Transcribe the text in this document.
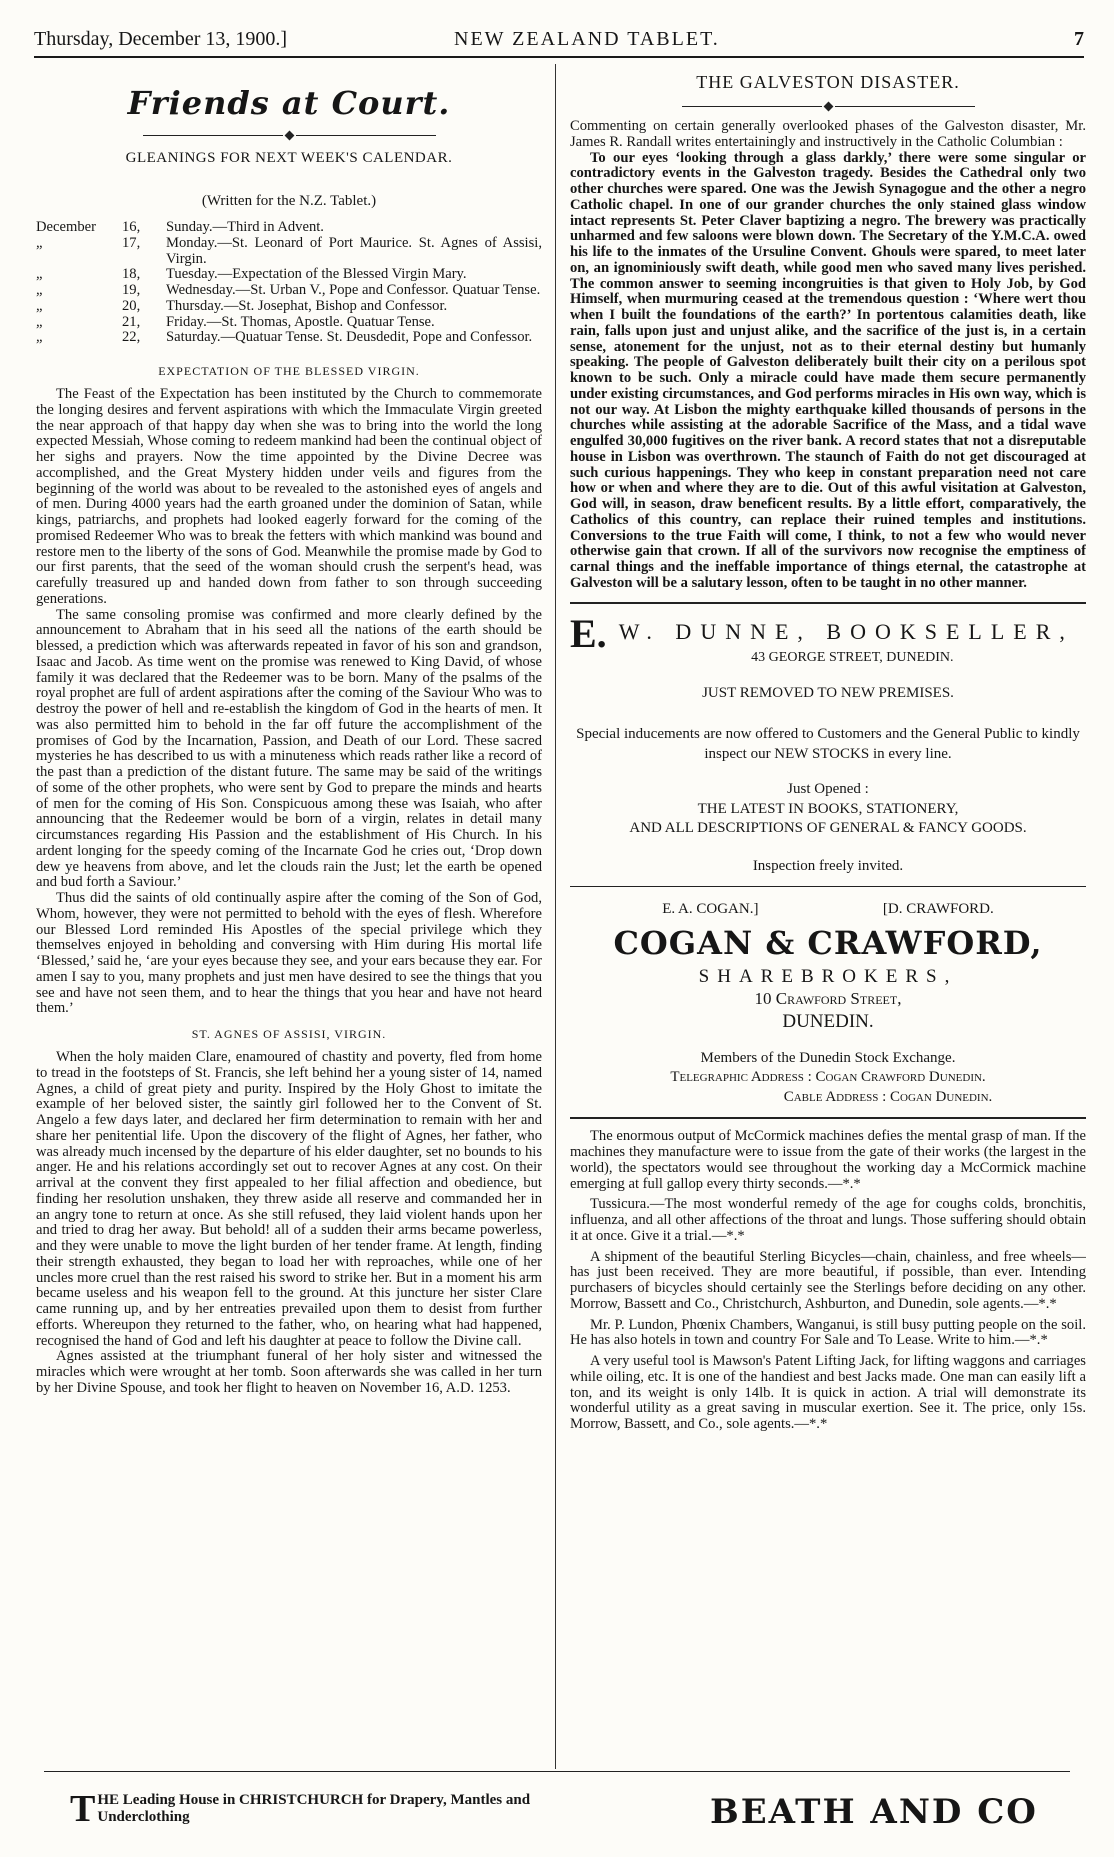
Thursday, December 13, 1900.]	NEW ZEALAND TABLET.	7
Friends at Court.
GLEANINGS FOR NEXT WEEK'S CALENDAR.
(Written for the N.Z. Tablet.)
December	16,	Sunday.—Third in Advent.
„	17,	Monday.—St. Leonard of Port Maurice. St. Agnes of Assisi, Virgin.
„	18,	Tuesday.—Expectation of the Blessed Virgin Mary.
„	19,	Wednesday.—St. Urban V., Pope and Confessor. Quatuar Tense.
„	20,	Thursday.—St. Josephat, Bishop and Confessor.
„	21,	Friday.—St. Thomas, Apostle. Quatuar Tense.
„	22,	Saturday.—Quatuar Tense. St. Deusdedit, Pope and Confessor.
EXPECTATION OF THE BLESSED VIRGIN.

The Feast of the Expectation has been instituted by the Church to commemorate the longing desires and fervent aspirations with which the Immaculate Virgin greeted the near approach of that happy day when she was to bring into the world the long expected Messiah, Whose coming to redeem mankind had been the continual object of her sighs and prayers. Now the time appointed by the Divine Decree was accomplished, and the Great Mystery hidden under veils and figures from the beginning of the world was about to be revealed to the astonished eyes of angels and of men. During 4000 years had the earth groaned under the dominion of Satan, while kings, patriarchs, and prophets had looked eagerly forward for the coming of the promised Redeemer Who was to break the fetters with which mankind was bound and restore men to the liberty of the sons of God. Meanwhile the promise made by God to our first parents, that the seed of the woman should crush the serpent's head, was carefully treasured up and handed down from father to son through succeeding generations.

The same consoling promise was confirmed and more clearly defined by the announcement to Abraham that in his seed all the nations of the earth should be blessed, a prediction which was afterwards repeated in favor of his son and grandson, Isaac and Jacob. As time went on the promise was renewed to King David, of whose family it was declared that the Redeemer was to be born. Many of the psalms of the royal prophet are full of ardent aspirations after the coming of the Saviour Who was to destroy the power of hell and re-establish the kingdom of God in the hearts of men. It was also permitted him to behold in the far off future the accomplishment of the promises of God by the Incarnation, Passion, and Death of our Lord. These sacred mysteries he has described to us with a minuteness which reads rather like a record of the past than a prediction of the distant future. The same may be said of the writings of some of the other prophets, who were sent by God to prepare the minds and hearts of men for the coming of His Son. Conspicuous among these was Isaiah, who after announcing that the Redeemer would be born of a virgin, relates in detail many circumstances regarding His Passion and the establishment of His Church. In his ardent longing for the speedy coming of the Incarnate God he cries out, ‘Drop down dew ye heavens from above, and let the clouds rain the Just; let the earth be opened and bud forth a Saviour.’

Thus did the saints of old continually aspire after the coming of the Son of God, Whom, however, they were not permitted to behold with the eyes of flesh. Wherefore our Blessed Lord reminded His Apostles of the special privilege which they themselves enjoyed in beholding and conversing with Him during His mortal life ‘Blessed,’ said he, ‘are your eyes because they see, and your ears because they ear. For amen I say to you, many prophets and just men have desired to see the things that you see and have not seen them, and to hear the things that you hear and have not heard them.’

ST. AGNES OF ASSISI, VIRGIN.

When the holy maiden Clare, enamoured of chastity and poverty, fled from home to tread in the footsteps of St. Francis, she left behind her a young sister of 14, named Agnes, a child of great piety and purity. Inspired by the Holy Ghost to imitate the example of her beloved sister, the saintly girl followed her to the Convent of St. Angelo a few days later, and declared her firm determination to remain with her and share her penitential life. Upon the discovery of the flight of Agnes, her father, who was already much incensed by the departure of his elder daughter, set no bounds to his anger. He and his relations accordingly set out to recover Agnes at any cost. On their arrival at the convent they first appealed to her filial affection and obedience, but finding her resolution unshaken, they threw aside all reserve and commanded her in an angry tone to return at once. As she still refused, they laid violent hands upon her and tried to drag her away. But behold! all of a sudden their arms became powerless, and they were unable to move the light burden of her tender frame. At length, finding their strength exhausted, they began to load her with reproaches, while one of her uncles more cruel than the rest raised his sword to strike her. But in a moment his arm became useless and his weapon fell to the ground. At this juncture her sister Clare came running up, and by her entreaties prevailed upon them to desist from further efforts. Whereupon they returned to the father, who, on hearing what had happened, recognised the hand of God and left his daughter at peace to follow the Divine call.

Agnes assisted at the triumphant funeral of her holy sister and witnessed the miracles which were wrought at her tomb. Soon afterwards she was called in her turn by her Divine Spouse, and took her flight to heaven on November 16, A.D. 1253.

THE GALVESTON DISASTER.

Commenting on certain generally overlooked phases of the Galveston disaster, Mr. James R. Randall writes entertainingly and instructively in the Catholic Columbian :

To our eyes ‘looking through a glass darkly,’ there were some singular or contradictory events in the Galveston tragedy. Besides the Cathedral only two other churches were spared. One was the Jewish Synagogue and the other a negro Catholic chapel. In one of our grander churches the only stained glass window intact represents St. Peter Claver baptizing a negro. The brewery was practically unharmed and few saloons were blown down. The Secretary of the Y.M.C.A. owed his life to the inmates of the Ursuline Convent. Ghouls were spared, to meet later on, an ignominiously swift death, while good men who saved many lives perished. The common answer to seeming incongruities is that given to Holy Job, by God Himself, when murmuring ceased at the tremendous question : ‘Where wert thou when I built the foundations of the earth?’ In portentous calamities death, like rain, falls upon just and unjust alike, and the sacrifice of the just is, in a certain sense, atonement for the unjust, not as to their eternal destiny but humanly speaking. The people of Galveston deliberately built their city on a perilous spot known to be such. Only a miracle could have made them secure permanently under existing circumstances, and God performs miracles in His own way, which is not our way. At Lisbon the mighty earthquake killed thousands of persons in the churches while assisting at the adorable Sacrifice of the Mass, and a tidal wave engulfed 30,000 fugitives on the river bank. A record states that not a disreputable house in Lisbon was overthrown. The staunch of Faith do not get discouraged at such curious happenings. They who keep in constant preparation need not care how or when and where they are to die. Out of this awful visitation at Galveston, God will, in season, draw beneficent results. By a little effort, comparatively, the Catholics of this country, can replace their ruined temples and institutions. Conversions to the true Faith will come, I think, to not a few who would never otherwise gain that crown. If all of the survivors now recognise the emptiness of carnal things and the ineffable importance of things eternal, the catastrophe at Galveston will be a salutary lesson, often to be taught in no other manner.

E. W. DUNNE, BOOKSELLER,
43 GEORGE STREET, DUNEDIN.
JUST REMOVED TO NEW PREMISES.
Special inducements are now offered to Customers and the General Public to kindly inspect our NEW STOCKS in every line.
Just Opened :
THE LATEST IN BOOKS, STATIONERY,
AND ALL DESCRIPTIONS OF GENERAL & FANCY GOODS.
Inspection freely invited.
E. A. COGAN.]	[D. CRAWFORD.
COGAN & CRAWFORD,
SHAREBROKERS,
10 Crawford Street,
DUNEDIN.
Members of the Dunedin Stock Exchange.
Telegraphic Address : Cogan Crawford Dunedin.
Cable Address : Cogan Dunedin.

The enormous output of McCormick machines defies the mental grasp of man. If the machines they manufacture were to issue from the gate of their works (the largest in the world), the spectators would see throughout the working day a McCormick machine emerging at full gallop every thirty seconds.—*.*

Tussicura.—The most wonderful remedy of the age for coughs colds, bronchitis, influenza, and all other affections of the throat and lungs. Those suffering should obtain it at once. Give it a trial.—*.*

A shipment of the beautiful Sterling Bicycles—chain, chainless, and free wheels—has just been received. They are more beautiful, if possible, than ever. Intending purchasers of bicycles should certainly see the Sterlings before deciding on any other. Morrow, Bassett and Co., Christchurch, Ashburton, and Dunedin, sole agents.—*.*

Mr. P. Lundon, Phœnix Chambers, Wanganui, is still busy putting people on the soil. He has also hotels in town and country For Sale and To Lease. Write to him.—*.*

A very useful tool is Mawson's Patent Lifting Jack, for lifting waggons and carriages while oiling, etc. It is one of the handiest and best Jacks made. One man can easily lift a ton, and its weight is only 14lb. It is quick in action. A trial will demonstrate its wonderful utility as a great saving in muscular exertion. See it. The price, only 15s. Morrow, Bassett, and Co., sole agents.—*.*

T HE Leading House in CHRISTCHURCH for Drapery, Mantles and
Underclothing	BEATH AND CO
